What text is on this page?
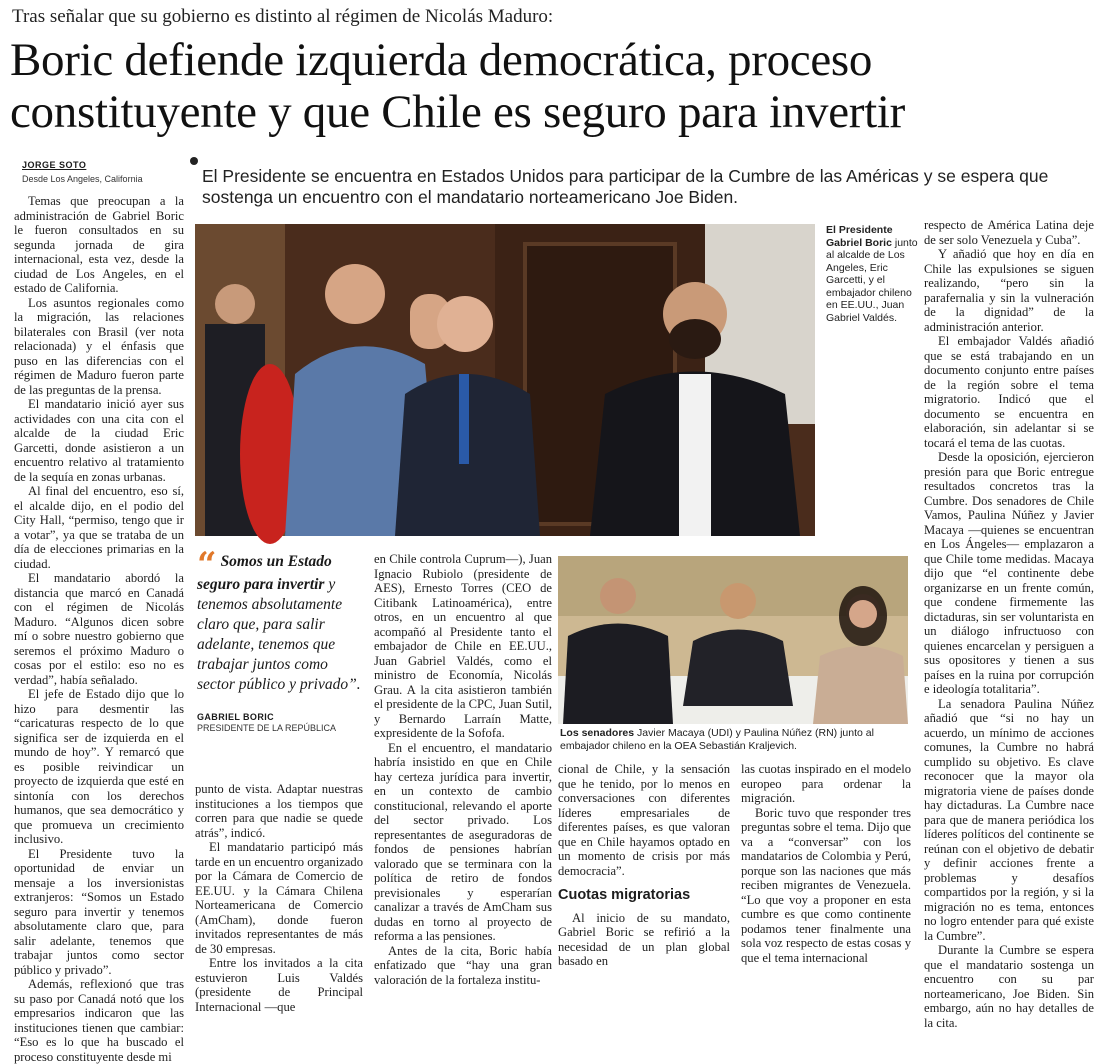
Tras señalar que su gobierno es distinto al régimen de Nicolás Maduro:
Boric defiende izquierda democrática, proceso constituyente y que Chile es seguro para invertir
JORGE SOTO
Desde Los Angeles, California	El Presidente se encuentra en Estados Unidos para participar de la Cumbre de las Américas y se espera que sostenga un encuentro con el mandatario norteamericano Joe Biden.

Temas que preocupan a la administración de Gabriel Boric le fueron consultados en su segunda jornada de gira internacional, esta vez, desde la ciudad de Los Angeles, en el estado de California.

Los asuntos regionales como la migración, las relaciones bilaterales con Brasil (ver nota relacionada) y el énfasis que puso en las diferencias con el régimen de Maduro fueron parte de las preguntas de la prensa.

El mandatario inició ayer sus actividades con una cita con el alcalde de la ciudad Eric Garcetti, donde asistieron a un encuentro relativo al tratamiento de la sequía en zonas urbanas.

Al final del encuentro, eso sí, el alcalde dijo, en el podio del City Hall, “permiso, tengo que ir a votar”, ya que se trataba de un día de elecciones primarias en la ciudad.

El mandatario abordó la distancia que marcó en Canadá con el régimen de Nicolás Maduro. “Algunos dicen sobre mí o sobre nuestro gobierno que seremos el próximo Maduro o cosas por el estilo: eso no es verdad”, había señalado.

El jefe de Estado dijo que lo hizo para desmentir las “caricaturas respecto de lo que significa ser de izquierda en el mundo de hoy”. Y remarcó que es posible reivindicar un proyecto de izquierda que esté en sintonía con los derechos humanos, que sea democrático y que promueva un crecimiento inclusivo.

El Presidente tuvo la oportunidad de enviar un mensaje a los inversionistas extranjeros: “Somos un Estado seguro para invertir y tenemos absolutamente claro que, para salir adelante, tenemos que trabajar juntos como sector público y privado”.

Además, reflexionó que tras su paso por Canadá notó que los empresarios indicaron que las instituciones tienen que cambiar: “Eso es lo que ha buscado el proceso constituyente desde mi

El Presidente Gabriel Boric junto al alcalde de Los Angeles, Eric Garcetti, y el embajador chileno en EE.UU., Juan Gabriel Valdés.
“ Somos un Estado seguro para invertir y tenemos absolutamente claro que, para salir adelante, tenemos que trabajar juntos como sector público y privado”.
GABRIEL BORIC
PRESIDENTE DE LA REPÚBLICA

punto de vista. Adaptar nuestras instituciones a los tiempos que corren para que nadie se quede atrás”, indicó.

El mandatario participó más tarde en un encuentro organizado por la Cámara de Comercio de EE.UU. y la Cámara Chilena Norteamericana de Comercio (AmCham), donde fueron invitados representantes de más de 30 empresas.

Entre los invitados a la cita estuvieron Luis Valdés (presidente de Principal Internacional —que

en Chile controla Cuprum—), Juan Ignacio Rubiolo (presidente de AES), Ernesto Torres (CEO de Citibank Latinoamérica), entre otros, en un encuentro al que acompañó al Presidente tanto el embajador de Chile en EE.UU., Juan Gabriel Valdés, como el ministro de Economía, Nicolás Grau. A la cita asistieron también el presidente de la CPC, Juan Sutil, y Bernardo Larraín Matte, expresidente de la Sofofa.

En el encuentro, el mandatario habría insistido en que en Chile hay certeza jurídica para invertir, en un contexto de cambio constitucional, relevando el aporte del sector privado. Los representantes de aseguradoras de fondos de pensiones habrían valorado que se terminara con la política de retiro de fondos previsionales y esperarían canalizar a través de AmCham sus dudas en torno al proyecto de reforma a las pensiones.

Antes de la cita, Boric había enfatizado que “hay una gran valoración de la fortaleza institu-

Los senadores Javier Macaya (UDI) y Paulina Núñez (RN) junto al embajador chileno en la OEA Sebastián Kraljevich.

cional de Chile, y la sensación que he tenido, por lo menos en conversaciones con diferentes líderes empresariales de diferentes países, es que valoran que en Chile hayamos optado en un momento de crisis por más democracia”.

Cuotas migratorias

Al inicio de su mandato, Gabriel Boric se refirió a la necesidad de un plan global basado en

las cuotas inspirado en el modelo europeo para ordenar la migración.

Boric tuvo que responder tres preguntas sobre el tema. Dijo que va a “conversar” con los mandatarios de Colombia y Perú, porque son las naciones que más reciben migrantes de Venezuela. “Lo que voy a proponer en esta cumbre es que como continente podamos tener finalmente una sola voz respecto de estas cosas y que el tema internacional

respecto de América Latina deje de ser solo Venezuela y Cuba”.

Y añadió que hoy en día en Chile las expulsiones se siguen realizando, “pero sin la parafernalia y sin la vulneración de la dignidad” de la administración anterior.

El embajador Valdés añadió que se está trabajando en un documento conjunto entre países de la región sobre el tema migratorio. Indicó que el documento se encuentra en elaboración, sin adelantar si se tocará el tema de las cuotas.

Desde la oposición, ejercieron presión para que Boric entregue resultados concretos tras la Cumbre. Dos senadores de Chile Vamos, Paulina Núñez y Javier Macaya —quienes se encuentran en Los Ángeles— emplazaron a que Chile tome medidas. Macaya dijo que “el continente debe organizarse en un frente común, que condene firmemente las dictaduras, sin ser voluntarista en un diálogo infructuoso con quienes encarcelan y persiguen a sus opositores y tienen a sus países en la ruina por corrupción e ideología totalitaria”.

La senadora Paulina Núñez añadió que “si no hay un acuerdo, un mínimo de acciones comunes, la Cumbre no habrá cumplido su objetivo. Es clave reconocer que la mayor ola migratoria viene de países donde hay dictaduras. La Cumbre nace para que de manera periódica los líderes políticos del continente se reúnan con el objetivo de debatir y definir acciones frente a problemas y desafíos compartidos por la región, y si la migración no es tema, entonces no logro entender para qué existe la Cumbre”.

Durante la Cumbre se espera que el mandatario sostenga un encuentro con su par norteamericano, Joe Biden. Sin embargo, aún no hay detalles de la cita.
